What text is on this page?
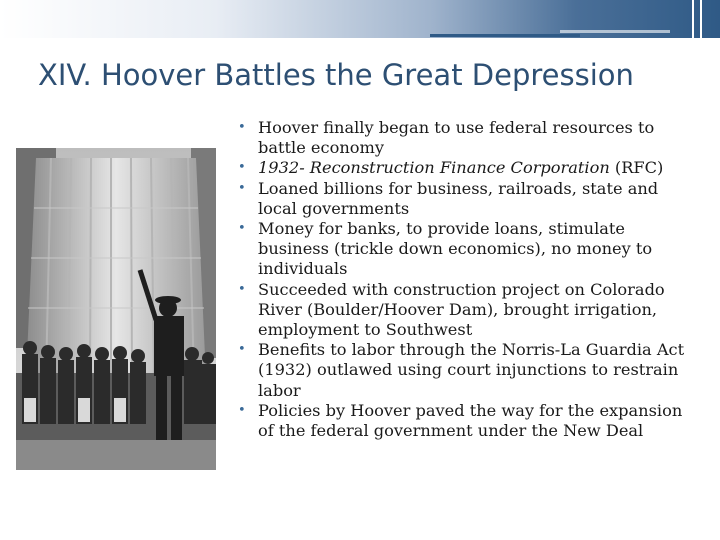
XIV. Hoover Battles the Great Depression
• Hoover finally began to use federal resources to battle economy
• 1932- Reconstruction Finance Corporation (RFC)
• Loaned billions for business, railroads, state and local governments
• Money for banks, to provide loans, stimulate business (trickle down economics), no money to individuals
• Succeeded with construction project on Colorado River (Boulder/Hoover Dam), brought irrigation, employment to Southwest
• Benefits to labor through the Norris-La Guardia Act (1932) outlawed using court injunctions to restrain labor
• Policies by Hoover paved the way for the expansion of the federal government under the New Deal
